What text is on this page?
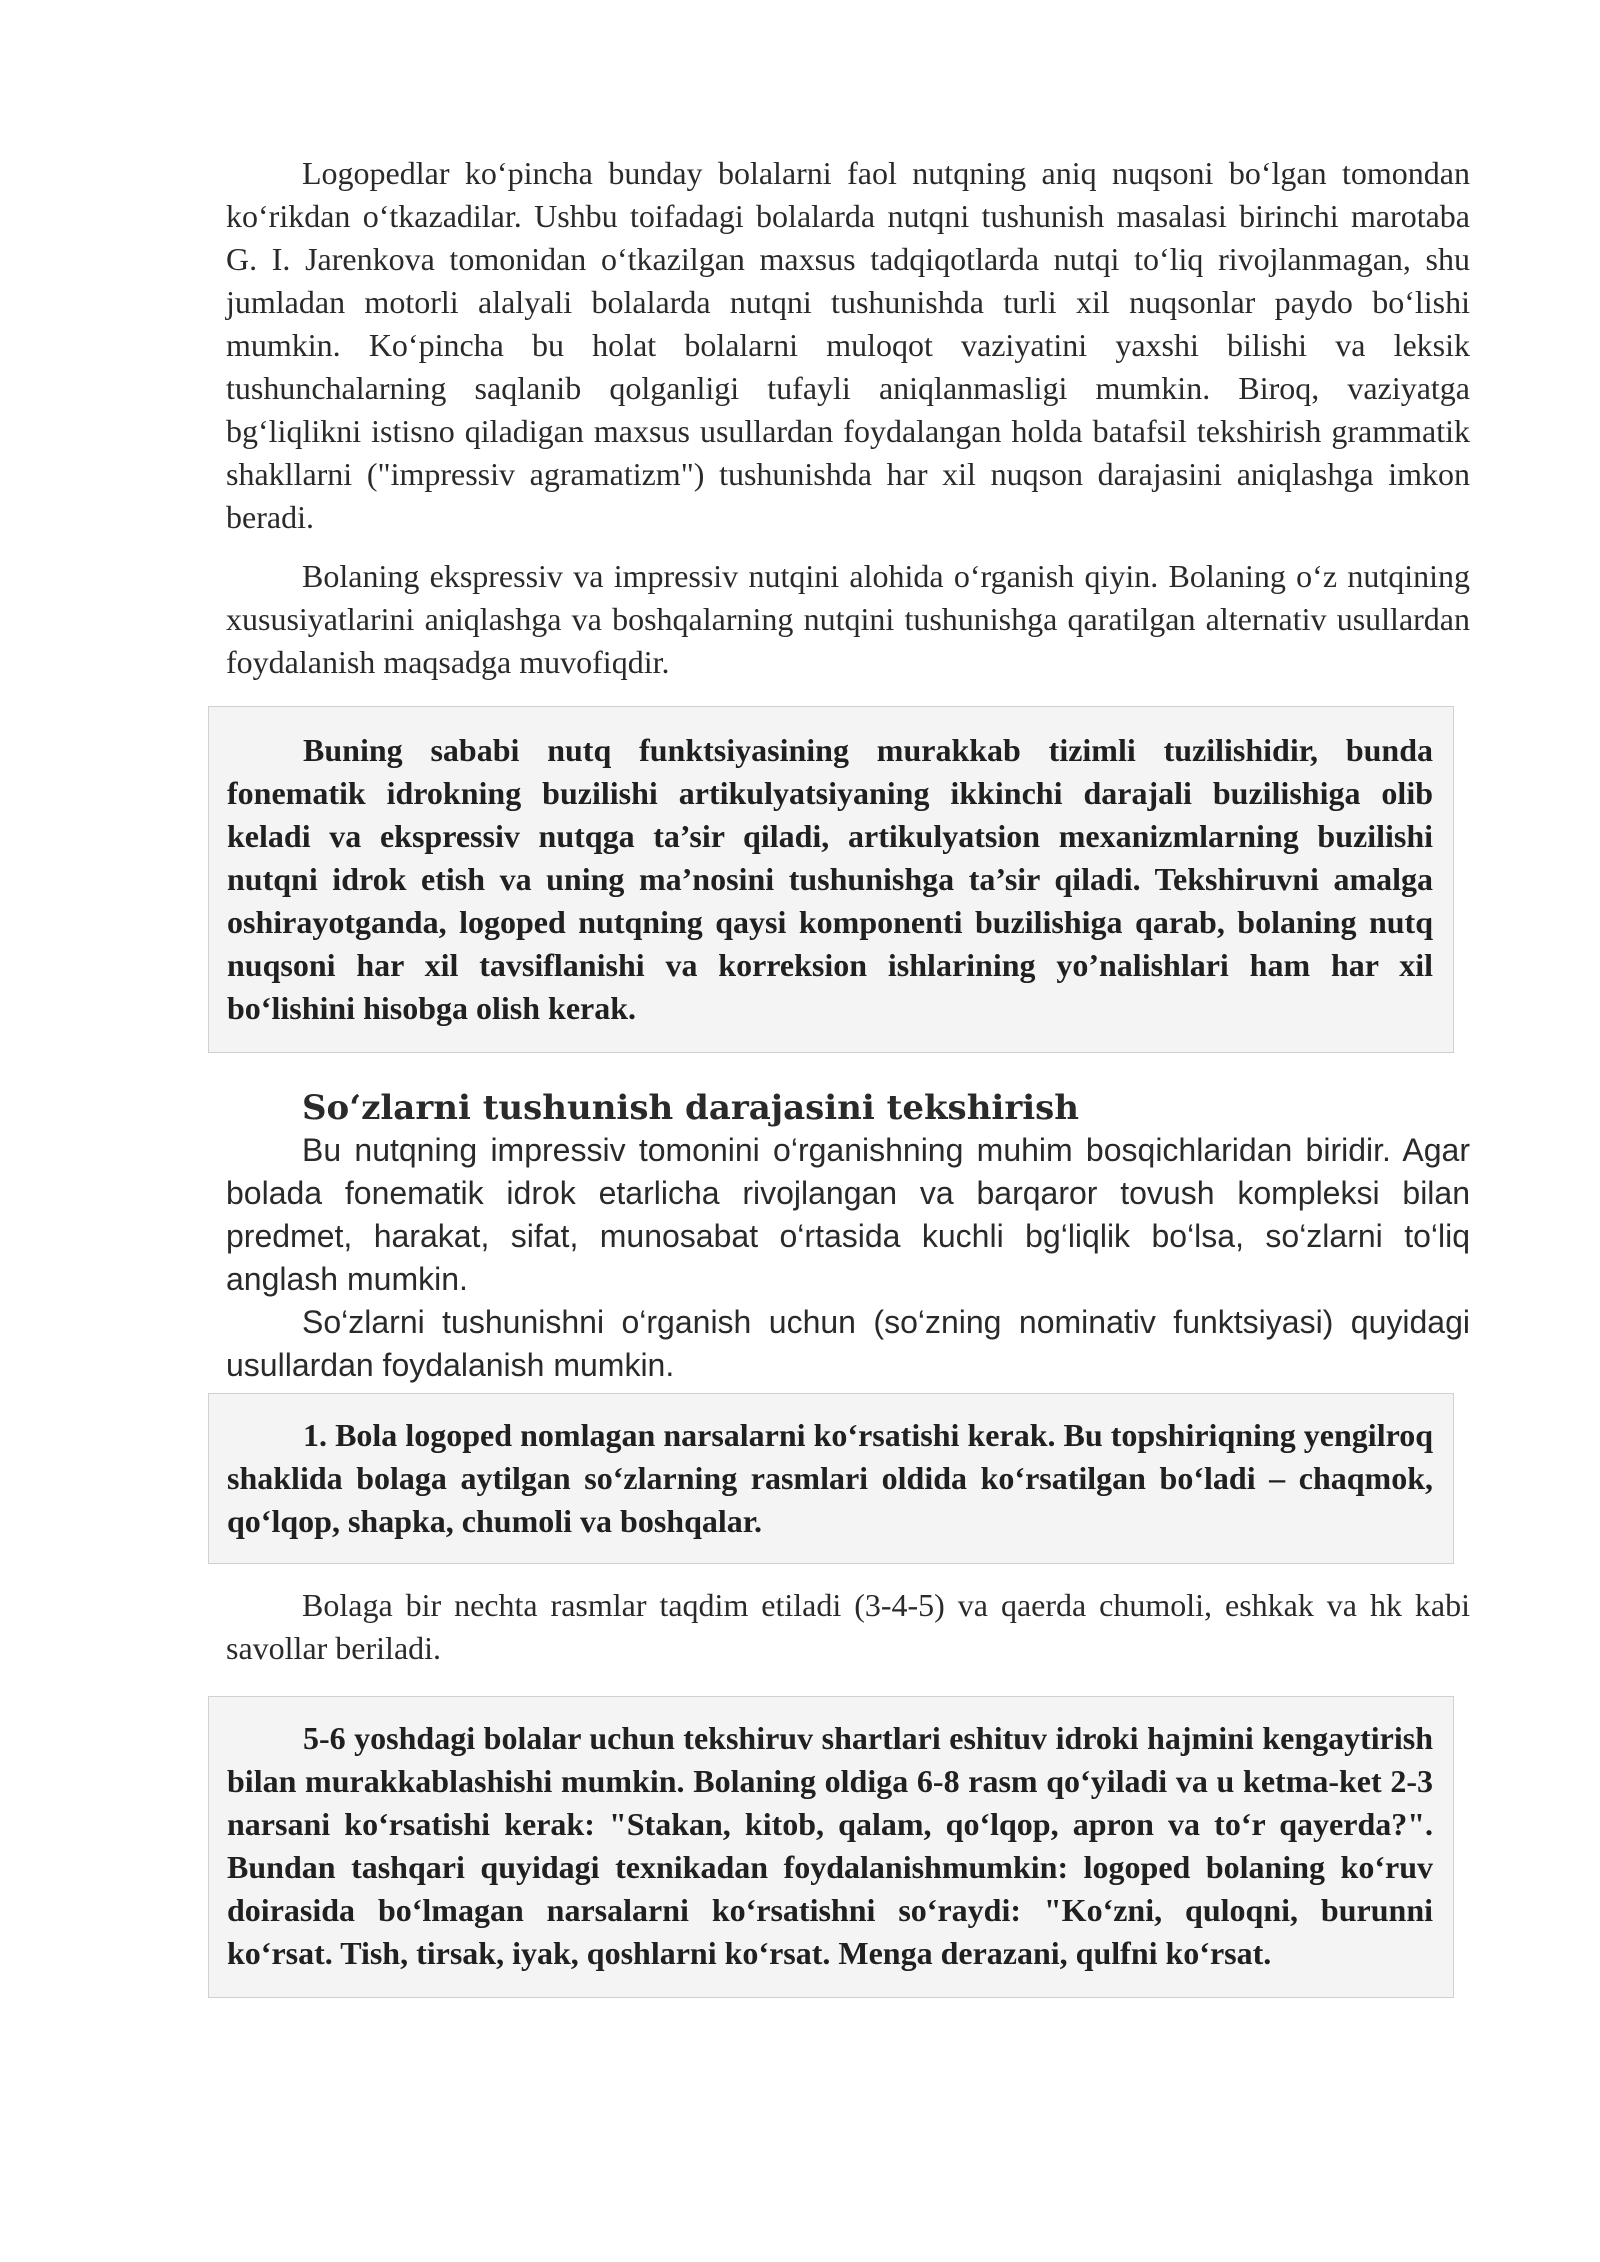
Logopedlar ko‘pincha bunday bolalarni faol nutqning aniq nuqsoni bo‘lgan tomondan ko‘rikdan o‘tkazadilar. Ushbu toifadagi bolalarda nutqni tushunish masalasi birinchi marotaba G. I. Jarenkova tomonidan o‘tkazilgan maxsus tadqiqotlarda nutqi to‘liq rivojlanmagan, shu jumladan motorli alalyali bolalarda nutqni tushunishda turli xil nuqsonlar paydo bo‘lishi mumkin. Ko‘pincha bu holat bolalarni muloqot vaziyatini yaxshi bilishi va leksik tushunchalarning saqlanib qolganligi tufayli aniqlanmasligi mumkin. Biroq, vaziyatga bg‘liqlikni istisno qiladigan maxsus usullardan foydalangan holda batafsil tekshirish grammatik shakllarni ("impressiv agramatizm") tushunishda har xil nuqson darajasini aniqlashga imkon beradi.

Bolaning ekspressiv va impressiv nutqini alohida o‘rganish qiyin. Bolaning o‘z nutqining xususiyatlarini aniqlashga va boshqalarning nutqini tushunishga qaratilgan alternativ usullardan foydalanish maqsadga muvofiqdir.

Buning sababi nutq funktsiyasining murakkab tizimli tuzilishidir, bunda fonematik idrokning buzilishi artikulyatsiyaning ikkinchi darajali buzilishiga olib keladi va ekspressiv nutqga ta’sir qiladi, artikulyatsion mexanizmlarning buzilishi nutqni idrok etish va uning ma’nosini tushunishga ta’sir qiladi. Tekshiruvni amalga oshirayotganda, logoped nutqning qaysi komponenti buzilishiga qarab, bolaning nutq nuqsoni har xil tavsiflanishi va korreksion ishlarining yo’nalishlari ham har xil bo‘lishini hisobga olish kerak.

So‘zlarni tushunish darajasini tekshirish

Bu nutqning impressiv tomonini o‘rganishning muhim bosqichlaridan biridir. Agar bolada fonematik idrok etarlicha rivojlangan va barqaror tovush kompleksi bilan predmet, harakat, sifat, munosabat o‘rtasida kuchli bg‘liqlik bo‘lsa, so‘zlarni to‘liq anglash mumkin.

So‘zlarni tushunishni o‘rganish uchun (so‘zning nominativ funktsiyasi) quyidagi usullardan foydalanish mumkin.

1. Bola logoped nomlagan narsalarni ko‘rsatishi kerak. Bu topshiriqning yengilroq shaklida bolaga aytilgan so‘zlarning rasmlari oldida ko‘rsatilgan bo‘ladi – chaqmok, qo‘lqop, shapka, chumoli va boshqalar.

Bolaga bir nechta rasmlar taqdim etiladi (3-4-5) va qaerda chumoli, eshkak va hk kabi savollar beriladi.

5-6 yoshdagi bolalar uchun tekshiruv shartlari eshituv idroki hajmini kengaytirish bilan murakkablashishi mumkin. Bolaning oldiga 6-8 rasm qo‘yiladi va u ketma-ket 2-3 narsani ko‘rsatishi kerak: "Stakan, kitob, qalam, qo‘lqop, apron va to‘r qayerda?". Bundan tashqari quyidagi texnikadan foydalanishmumkin: logoped bolaning ko‘ruv doirasida bo‘lmagan narsalarni ko‘rsatishni so‘raydi: "Ko‘zni, quloqni, burunni ko‘rsat. Tish, tirsak, iyak, qoshlarni ko‘rsat. Menga derazani, qulfni ko‘rsat.
